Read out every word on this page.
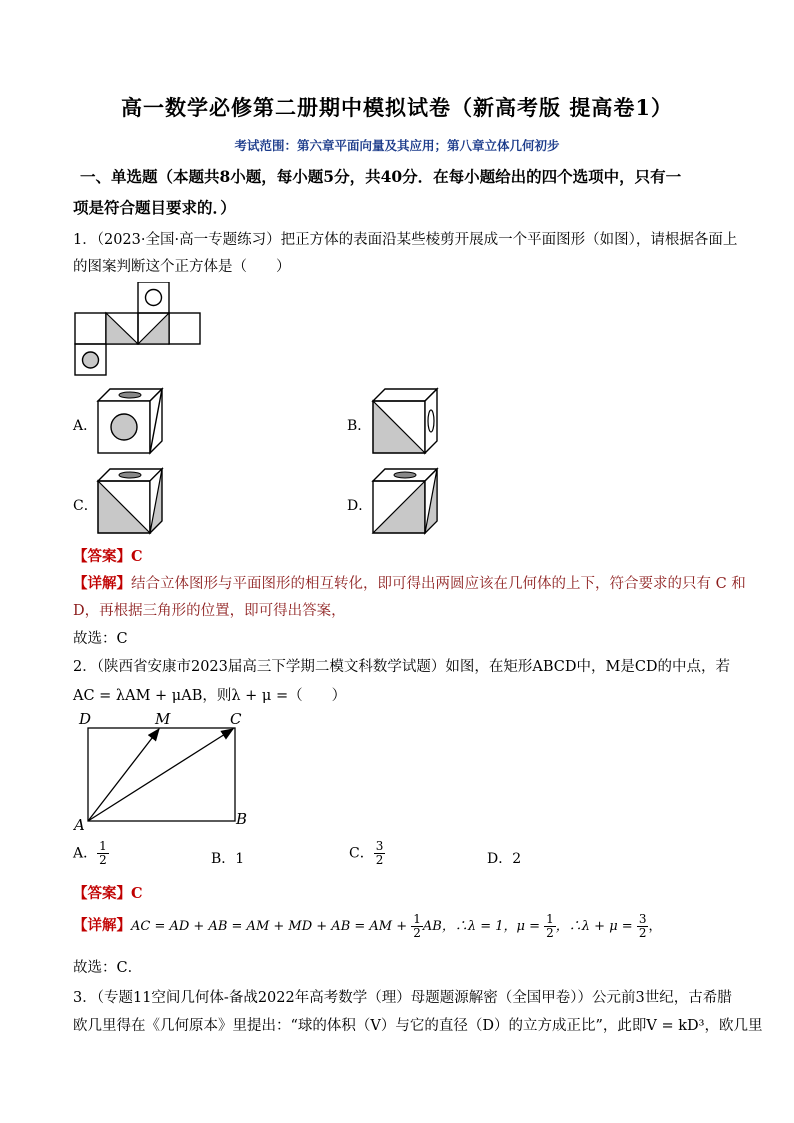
高一数学必修第二册期中模拟试卷（新高考版 提高卷1）
考试范围：第六章平面向量及其应用；第八章立体几何初步
一、单选题（本题共8小题，每小题5分，共40分．在每小题给出的四个选项中，只有一
项是符合题目要求的．）
1．（2023·全国·高一专题练习）把正方体的表面沿某些棱剪开展成一个平面图形（如图），请根据各面上
的图案判断这个正方体是（　　）
A．	B．
C．	D．
【答案】C
【详解】结合立体图形与平面图形的相互转化，即可得出两圆应该在几何体的上下，符合要求的只有 C 和
D，再根据三角形的位置，即可得出答案，
故选：C
2．（陕西省安康市2023届高三下学期二模文科数学试题）如图，在矩形ABCD中，M是CD的中点，若
AC = λAM + μAB，则λ + μ =（　　）
D	M	C
A	B
A． $\frac{1}{2}$	B．1	C． $\frac{3}{2}$	D．2
【答案】C
【详解】AC = AD + AB = AM + MD + AB = AM + $\frac{1}{2}$ AB，∴λ = 1，$\mu = \frac{1}{2}$ ，∴λ + $\mu = \frac{3}{2}$ ，
故选：C．
3．（专题11空间几何体-备战2022年高考数学（理）母题题源解密（全国甲卷））公元前3世纪，古希腊
欧几里得在《几何原本》里提出：“球的体积（V）与它的直径（D）的立方成正比”，此即V = kD³，欧几里
